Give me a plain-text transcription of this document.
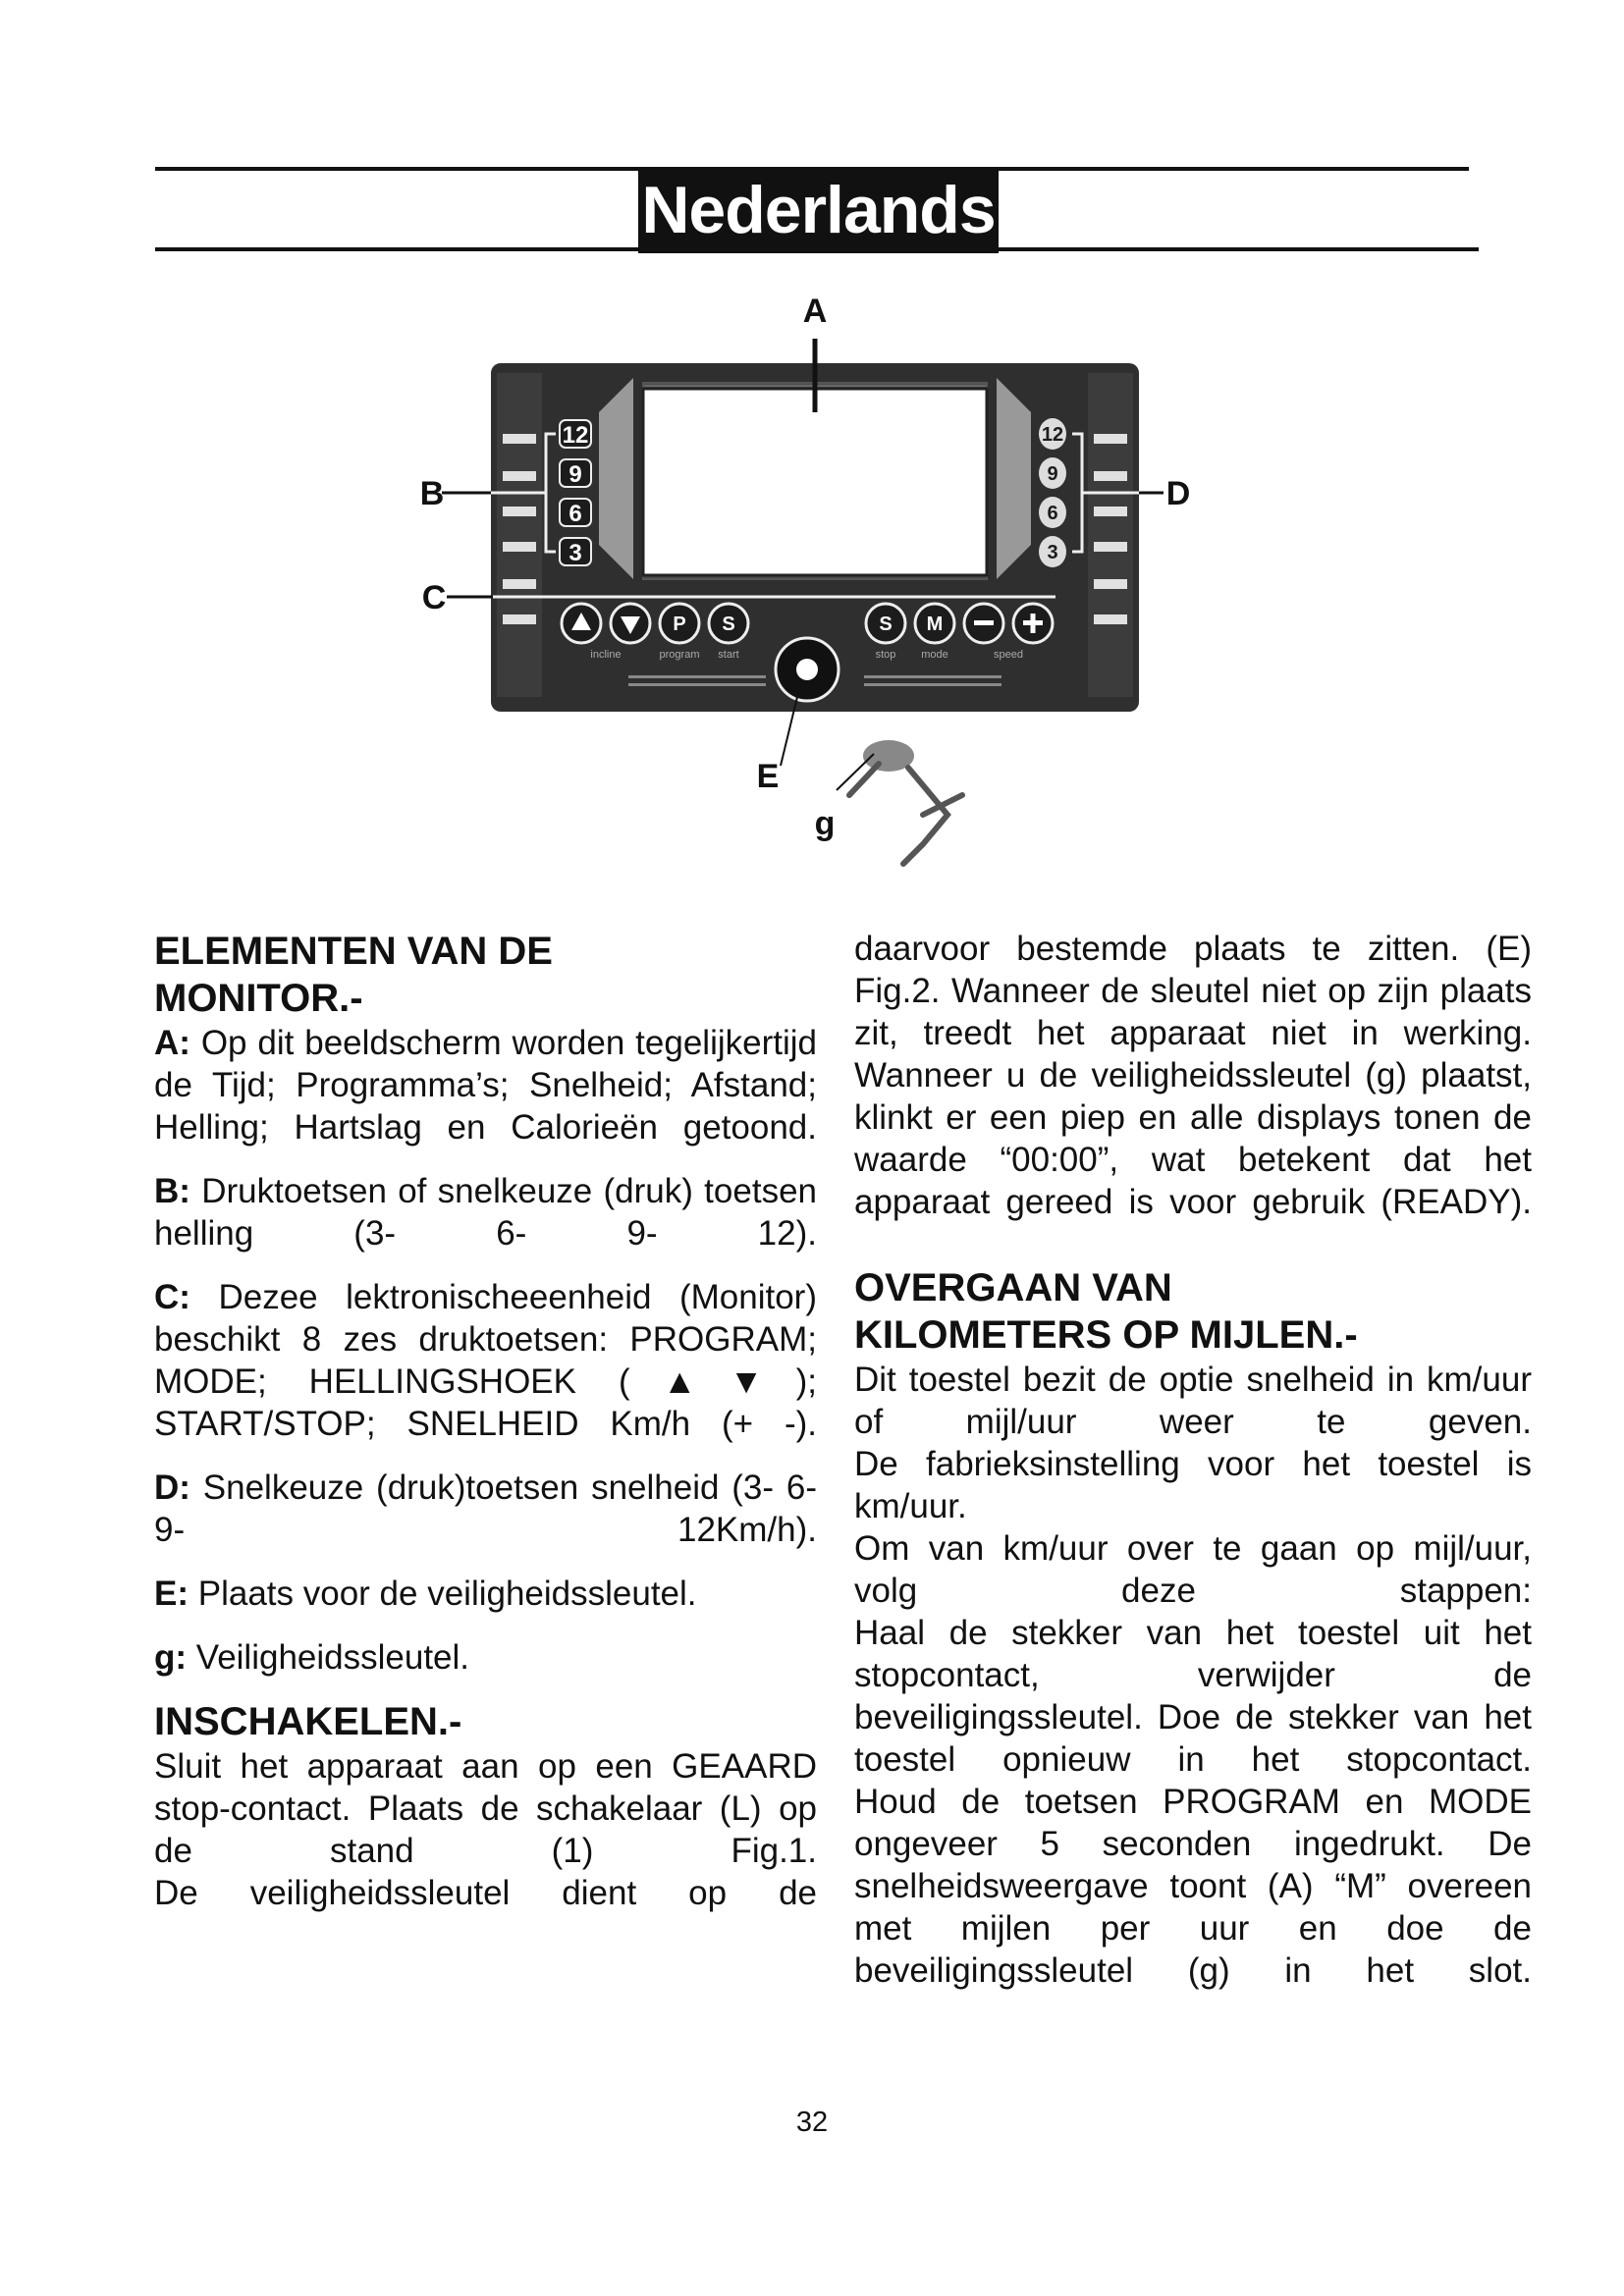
Nederlands
12
9
6
3
12
9
6
3
P S	S M
incline	program start	stop mode	speed
A
B
C
D
E
g

ELEMENTEN VAN DE

MONITOR.-

A: Op dit beeldscherm worden tegelijkertijd de Tijd; Programma’s; Snelheid; Afstand; Helling; Hartslag en Calorieën getoond.

B: Druktoetsen of snelkeuze (druk) toetsen helling (3- 6- 9- 12).

C: Dezee lektronischeeenheid (Monitor) beschikt 8 zes druktoetsen: PROGRAM; MODE; HELLINGSHOEK (▲▼); START/STOP; SNELHEID Km/h (+ -).

D: Snelkeuze (druk)toetsen snelheid (3- 6- 9- 12Km/h).

E: Plaats voor de veiligheidssleutel.

g: Veiligheidssleutel.

INSCHAKELEN.-

Sluit het apparaat aan op een GEAARD stop-contact. Plaats de schakelaar (L) op de stand (1) Fig.1.

De veiligheidssleutel dient op de

daarvoor bestemde plaats te zitten. (E) Fig.2. Wanneer de sleutel niet op zijn plaats zit, treedt het apparaat niet in werking. Wanneer u de veiligheidssleutel (g) plaatst, klinkt er een piep en alle displays tonen de waarde “00:00”, wat betekent dat het apparaat gereed is voor gebruik (READY).

OVERGAAN VAN

KILOMETERS OP MIJLEN.-

Dit toestel bezit de optie snelheid in km/uur of mijl/uur weer te geven.

De fabrieksinstelling voor het toestel is km/uur.

Om van km/uur over te gaan op mijl/uur, volg deze stappen:

Haal de stekker van het toestel uit het stopcontact, verwijder de beveiligingssleutel. Doe de stekker van het toestel opnieuw in het stopcontact.

Houd de toetsen PROGRAM en MODE ongeveer 5 seconden ingedrukt. De snelheidsweergave toont (A) “M” overeen met mijlen per uur en doe de beveiligingssleutel (g) in het slot.

32
